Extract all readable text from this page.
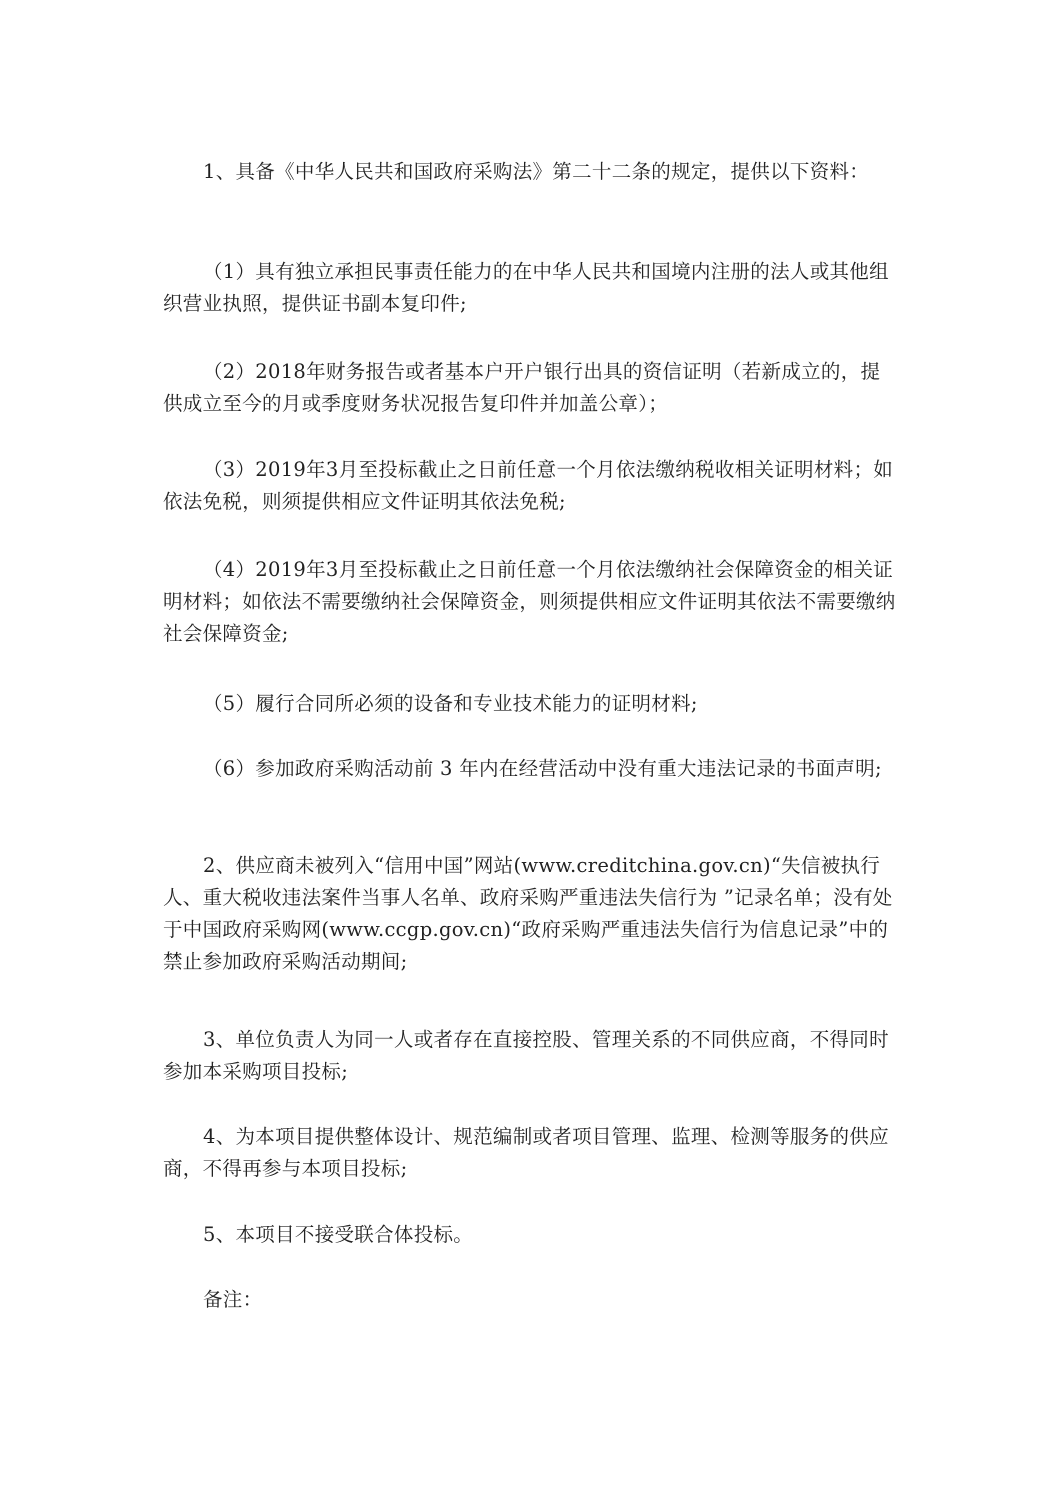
1、具备《中华人民共和国政府采购法》第二十二条的规定，提供以下资料：

（1）具有独立承担民事责任能力的在中华人民共和国境内注册的法人或其他组织营业执照，提供证书副本复印件;

（2）2018年财务报告或者基本户开户银行出具的资信证明（若新成立的，提供成立至今的月或季度财务状况报告复印件并加盖公章）；

（3）2019年3月至投标截止之日前任意一个月依法缴纳税收相关证明材料；如依法免税，则须提供相应文件证明其依法免税;

（4）2019年3月至投标截止之日前任意一个月依法缴纳社会保障资金的相关证明材料；如依法不需要缴纳社会保障资金，则须提供相应文件证明其依法不需要缴纳社会保障资金;

（5）履行合同所必须的设备和专业技术能力的证明材料;

（6）参加政府采购活动前 3 年内在经营活动中没有重大违法记录的书面声明;

2、供应商未被列入“信用中国”网站(www.creditchina.gov.cn)“失信被执行人、重大税收违法案件当事人名单、政府采购严重违法失信行为 ”记录名单；没有处于中国政府采购网(www.ccgp.gov.cn)“政府采购严重违法失信行为信息记录”中的禁止参加政府采购活动期间;

3、单位负责人为同一人或者存在直接控股、管理关系的不同供应商，不得同时参加本采购项目投标;

4、为本项目提供整体设计、规范编制或者项目管理、监理、检测等服务的供应商，不得再参与本项目投标;

5、本项目不接受联合体投标。

备注：
